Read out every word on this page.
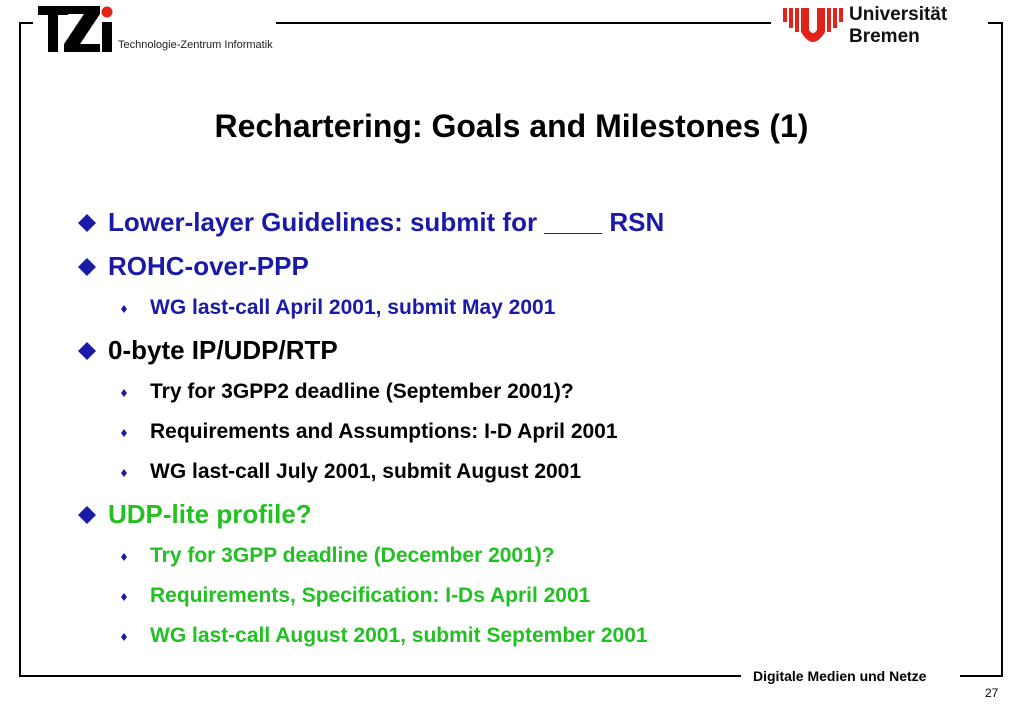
Technologie-Zentrum Informatik
Universität
Bremen
Rechartering: Goals and Milestones (1)
Lower-layer Guidelines: submit for ____ RSN
ROHC-over-PPP
WG last-call April 2001, submit May 2001
0-byte IP/UDP/RTP
Try for 3GPP2 deadline (September 2001)?
Requirements and Assumptions: I-D April 2001
WG last-call July 2001, submit August 2001
UDP-lite profile?
Try for 3GPP deadline (December 2001)?
Requirements, Specification: I-Ds April 2001
WG last-call August 2001, submit September 2001
Digitale Medien und Netze
27
